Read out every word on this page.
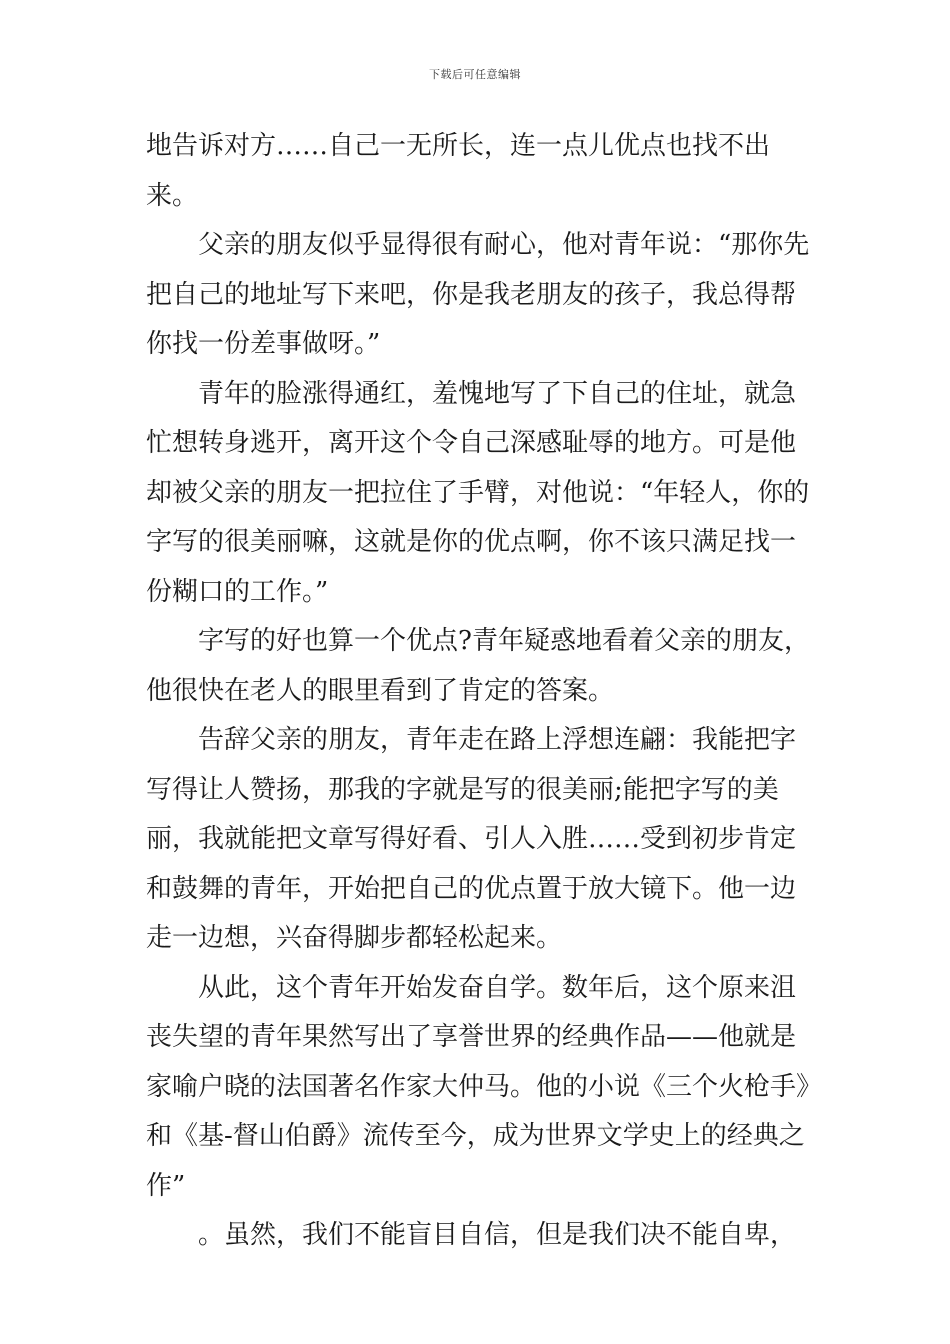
下载后可任意编辑

地告诉对方……自己一无所长，连一点儿优点也找不出来。

父亲的朋友似乎显得很有耐心，他对青年说：“那你先把自己的地址写下来吧，你是我老朋友的孩子，我总得帮你找一份差事做呀。”

青年的脸涨得通红，羞愧地写了下自己的住址，就急忙想转身逃开，离开这个令自己深感耻辱的地方。可是他却被父亲的朋友一把拉住了手臂，对他说：“年轻人，你的字写的很美丽嘛，这就是你的优点啊，你不该只满足找一份糊口的工作。”

字写的好也算一个优点?青年疑惑地看着父亲的朋友，他很快在老人的眼里看到了肯定的答案。

告辞父亲的朋友，青年走在路上浮想连翩：我能把字写得让人赞扬，那我的字就是写的很美丽;能把字写的美丽，我就能把文章写得好看、引人入胜……受到初步肯定和鼓舞的青年，开始把自己的优点置于放大镜下。他一边走一边想，兴奋得脚步都轻松起来。

从此，这个青年开始发奋自学。数年后，这个原来沮丧失望的青年果然写出了享誉世界的经典作品——他就是家喻户晓的法国著名作家大仲马。他的小说《三个火枪手》和《基-督山伯爵》流传至今，成为世界文学史上的经典之作”

。虽然，我们不能盲目自信，但是我们决不能自卑，
